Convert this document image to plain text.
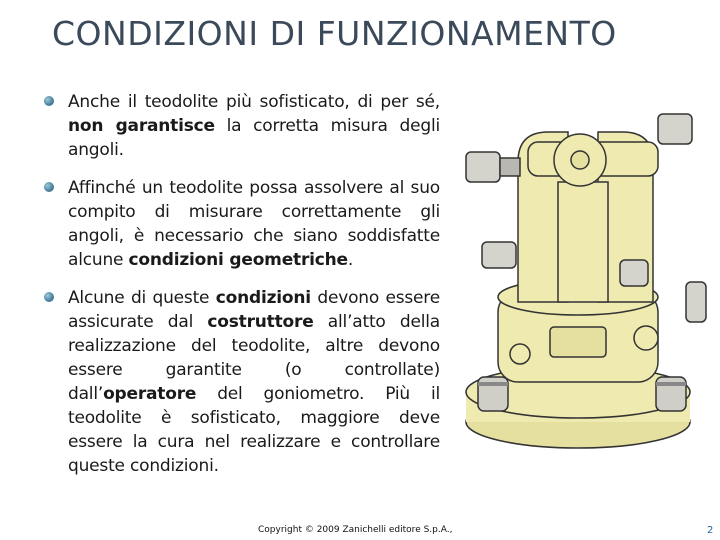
CONDIZIONI DI FUNZIONAMENTO
Anche il teodolite più sofisticato, di per sé, non garantisce la corretta misura degli angoli.
Affinché un teodolite possa assolvere al suo compito di misurare correttamente gli angoli, è necessario che siano soddisfatte alcune condizioni geometriche.
Alcune di queste condizioni devono essere assicurate dal costruttore all’atto della realizzazione del teodolite, altre devono essere garantite (o controllate) dall’operatore del goniometro. Più il teodolite è sofisticato, maggiore deve essere la cura nel realizzare e controllare queste condizioni.
Copyright © 2009 Zanichelli editore S.p.A.,	2
